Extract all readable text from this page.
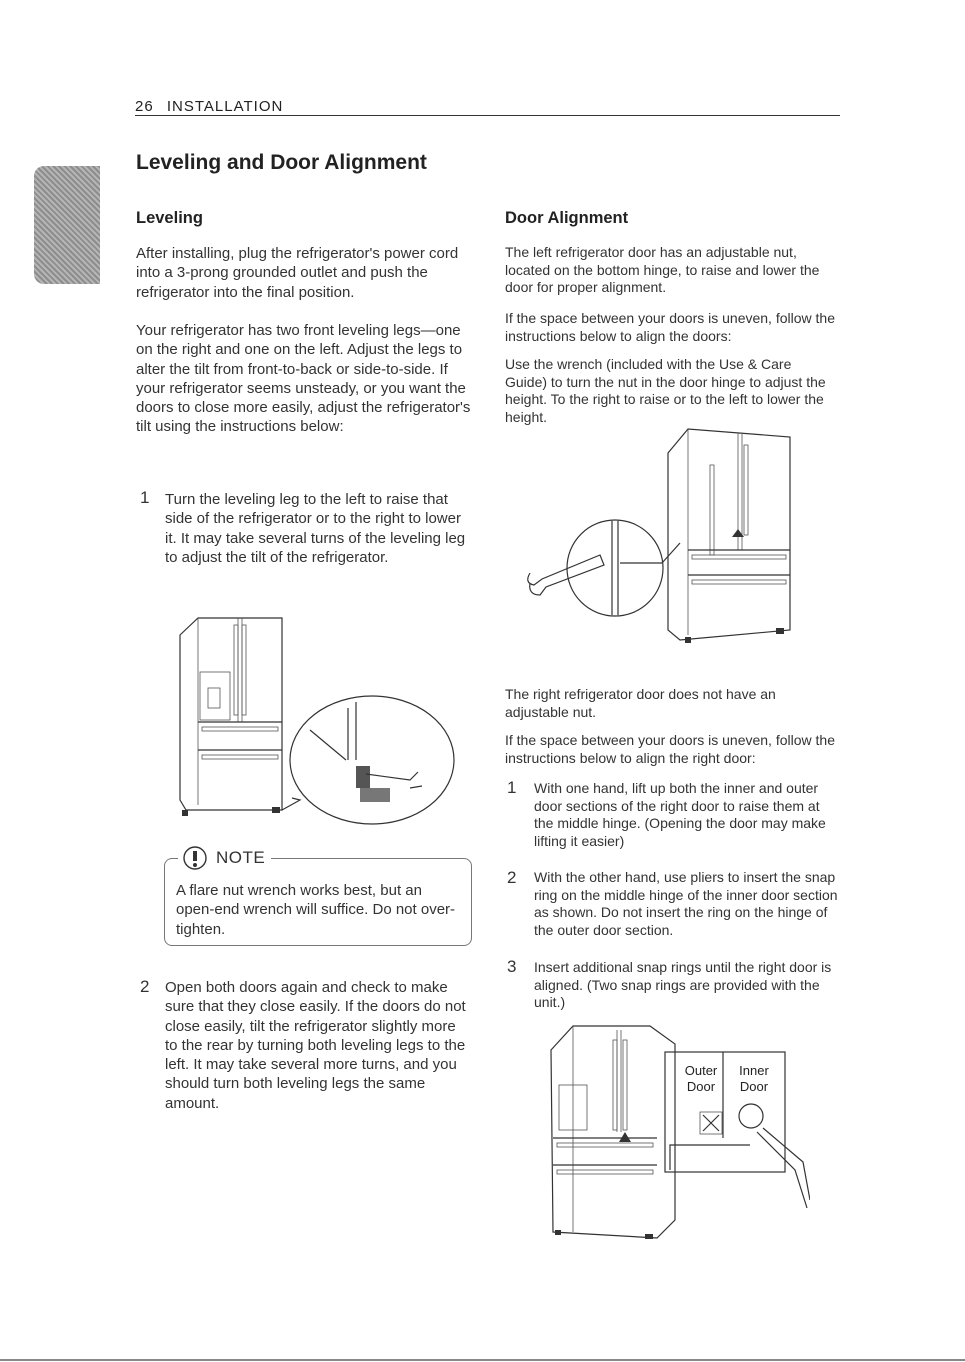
26 INSTALLATION
ENGLISH
Leveling and Door Alignment
Leveling

After installing, plug the refrigerator's power cord into a 3-prong grounded outlet and push the refrigerator into the final position.

Your refrigerator has two front leveling legs—one on the right and one on the left. Adjust the legs to alter the tilt from front-to-back or side-to-side. If your refrigerator seems unsteady, or you want the doors to close more easily, adjust the refrigerator's tilt using the instructions below:

1 Turn the leveling leg to the left to raise that side of the refrigerator or to the right to lower it. It may take several turns of the leveling leg to adjust the tilt of the refrigerator.

NOTE

A flare nut wrench works best, but an open-end wrench will suffice. Do not over-tighten.

2 Open both doors again and check to make sure that they close easily. If the doors do not close easily, tilt the refrigerator slightly more to the rear by turning both leveling legs to the left. It may take several more turns, and you should turn both leveling legs the same amount.

Door Alignment

The left refrigerator door has an adjustable nut, located on the bottom hinge, to raise and lower the door for proper alignment.

If the space between your doors is uneven, follow the instructions below to align the doors:

Use the wrench (included with the Use & Care Guide) to turn the nut in the door hinge to adjust the height. To the right to raise or to the left to lower the height.

The right refrigerator door does not have an adjustable nut.

If the space between your doors is uneven, follow the instructions below to align the right door:

1 With one hand, lift up both the inner and outer door sections of the right door to raise them at the middle hinge. (Opening the door may make lifting it easier)

2 With the other hand, use pliers to insert the snap ring on the middle hinge of the inner door section as shown. Do not insert the ring on the hinge of the outer door section.

3 Insert additional snap rings until the right door is aligned. (Two snap rings are provided with the unit.)

Outer
Door
Inner
Door
